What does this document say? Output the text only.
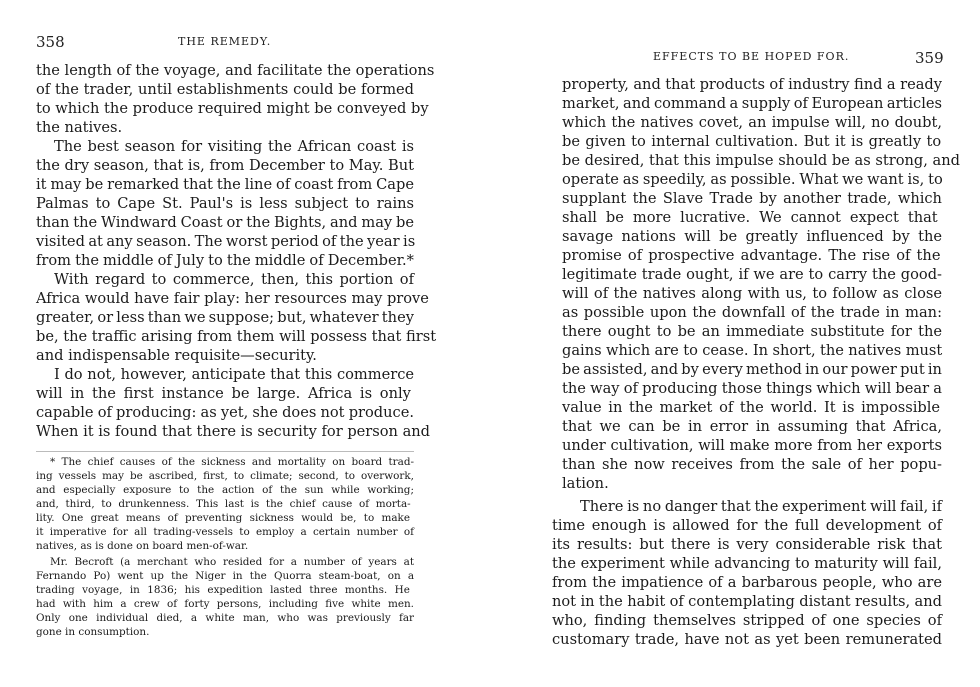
358	THE REMEDY.
the length of the voyage, and facilitate the operations
of the trader, until establishments could be formed
to which the produce required might be conveyed by
the natives.
The best season for visiting the African coast is
the dry season, that is, from December to May. But
it may be remarked that the line of coast from Cape
Palmas to Cape St. Paul's is less subject to rains
than the Windward Coast or the Bights, and may be
visited at any season. The worst period of the year is
from the middle of July to the middle of December.*
With regard to commerce, then, this portion of
Africa would have fair play: her resources may prove
greater, or less than we suppose; but, whatever they
be, the traffic arising from them will possess that first
and indispensable requisite—security.
I do not, however, anticipate that this commerce
will in the first instance be large. Africa is only
capable of producing: as yet, she does not produce.
When it is found that there is security for person and
* The chief causes of the sickness and mortality on board trad-
ing vessels may be ascribed, first, to climate; second, to overwork,
and especially exposure to the action of the sun while working;
and, third, to drunkenness. This last is the chief cause of morta-
lity. One great means of preventing sickness would be, to make
it imperative for all trading-vessels to employ a certain number of
natives, as is done on board men-of-war.
Mr. Becroft (a merchant who resided for a number of years at
Fernando Po) went up the Niger in the Quorra steam-boat, on a
trading voyage, in 1836; his expedition lasted three months. He
had with him a crew of forty persons, including five white men.
Only one individual died, a white man, who was previously far
gone in consumption.
EFFECTS TO BE HOPED FOR.	359
property, and that products of industry find a ready
market, and command a supply of European articles
which the natives covet, an impulse will, no doubt,
be given to internal cultivation. But it is greatly to
be desired, that this impulse should be as strong, and
operate as speedily, as possible. What we want is, to
supplant the Slave Trade by another trade, which
shall be more lucrative. We cannot expect that
savage nations will be greatly influenced by the
promise of prospective advantage. The rise of the
legitimate trade ought, if we are to carry the good-
will of the natives along with us, to follow as close
as possible upon the downfall of the trade in man:
there ought to be an immediate substitute for the
gains which are to cease. In short, the natives must
be assisted, and by every method in our power put in
the way of producing those things which will bear a
value in the market of the world. It is impossible
that we can be in error in assuming that Africa,
under cultivation, will make more from her exports
than she now receives from the sale of her popu-
lation.
There is no danger that the experiment will fail, if
time enough is allowed for the full development of
its results: but there is very considerable risk that
the experiment while advancing to maturity will fail,
from the impatience of a barbarous people, who are
not in the habit of contemplating distant results, and
who, finding themselves stripped of one species of
customary trade, have not as yet been remunerated
